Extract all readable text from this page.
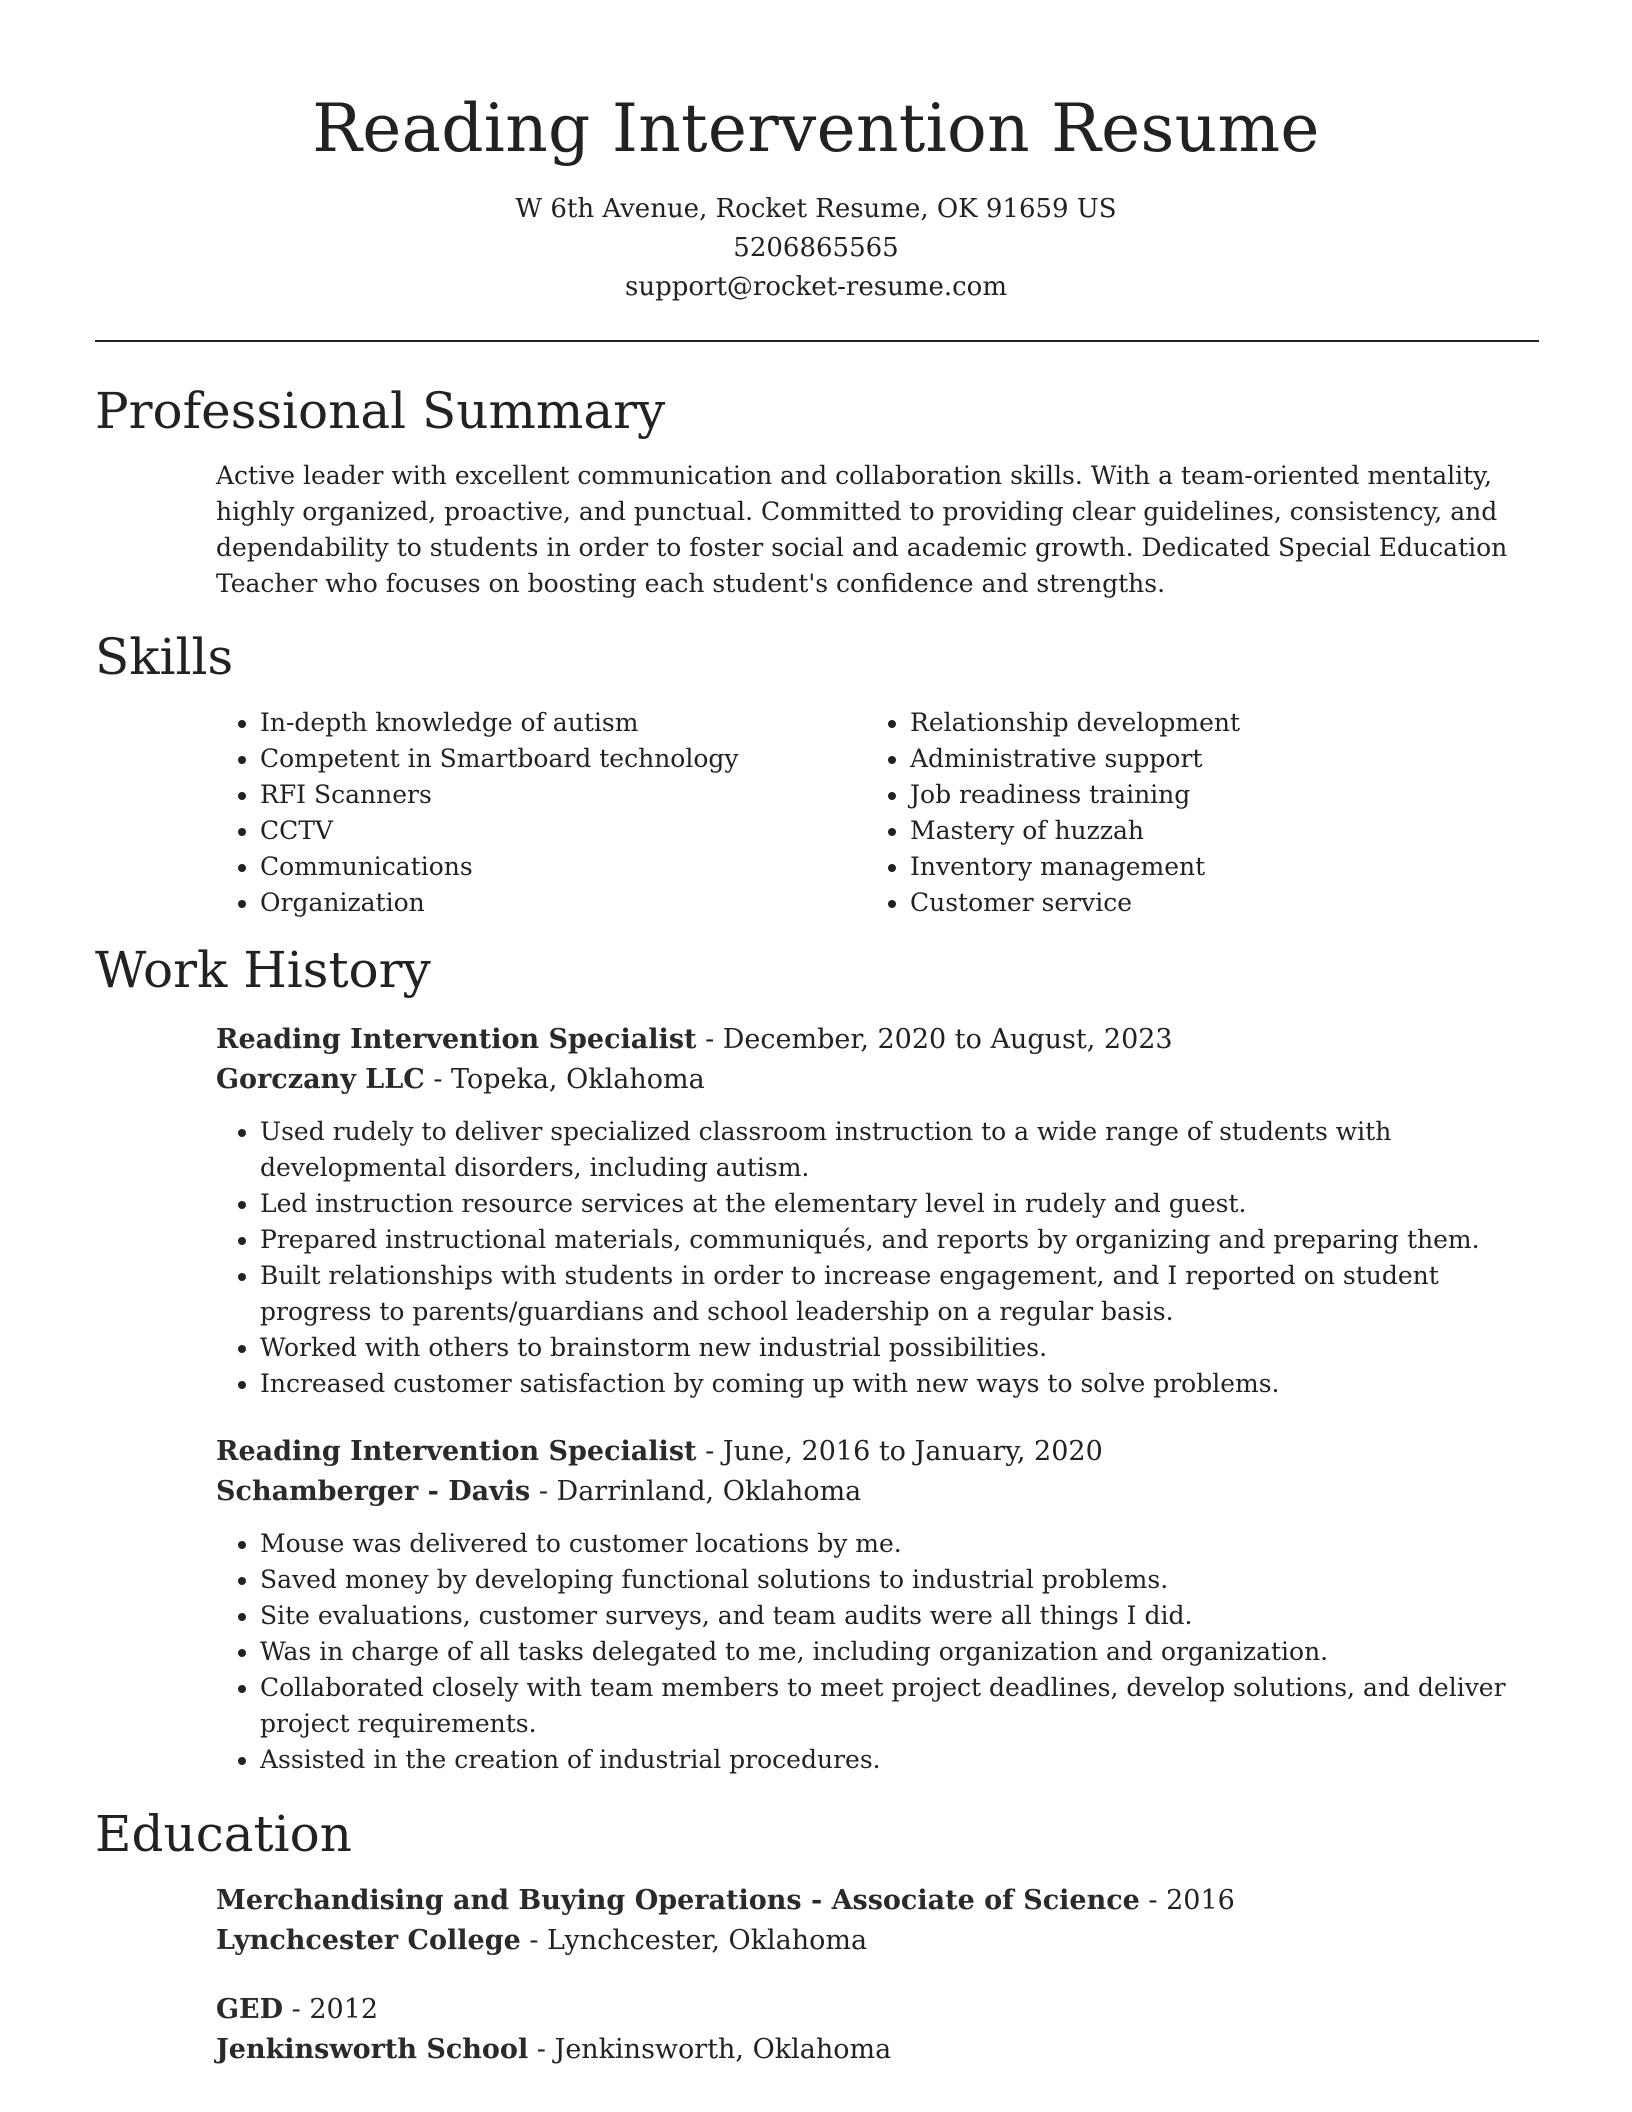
Reading Intervention Resume
W 6th Avenue, Rocket Resume, OK 91659 US
5206865565
support@rocket-resume.com
Professional Summary
Active leader with excellent communication and collaboration skills. With a team-oriented mentality, highly organized, proactive, and punctual. Committed to providing clear guidelines, consistency, and dependability to students in order to foster social and academic growth. Dedicated Special Education Teacher who focuses on boosting each student's confidence and strengths.
Skills
• In-depth knowledge of autism
• Competent in Smartboard technology
• RFI Scanners
• CCTV
• Communications
• Organization
• Relationship development
• Administrative support
• Job readiness training
• Mastery of huzzah
• Inventory management
• Customer service
Work History
Reading Intervention Specialist - December, 2020 to August, 2023
Gorczany LLC - Topeka, Oklahoma
• Used rudely to deliver specialized classroom instruction to a wide range of students with developmental disorders, including autism.
• Led instruction resource services at the elementary level in rudely and guest.
• Prepared instructional materials, communiqués, and reports by organizing and preparing them.
• Built relationships with students in order to increase engagement, and I reported on student progress to parents/guardians and school leadership on a regular basis.
• Worked with others to brainstorm new industrial possibilities.
• Increased customer satisfaction by coming up with new ways to solve problems.
Reading Intervention Specialist - June, 2016 to January, 2020
Schamberger - Davis - Darrinland, Oklahoma
• Mouse was delivered to customer locations by me.
• Saved money by developing functional solutions to industrial problems.
• Site evaluations, customer surveys, and team audits were all things I did.
• Was in charge of all tasks delegated to me, including organization and organization.
• Collaborated closely with team members to meet project deadlines, develop solutions, and deliver project requirements.
• Assisted in the creation of industrial procedures.
Education
Merchandising and Buying Operations - Associate of Science - 2016
Lynchcester College - Lynchcester, Oklahoma
GED - 2012
Jenkinsworth School - Jenkinsworth, Oklahoma
